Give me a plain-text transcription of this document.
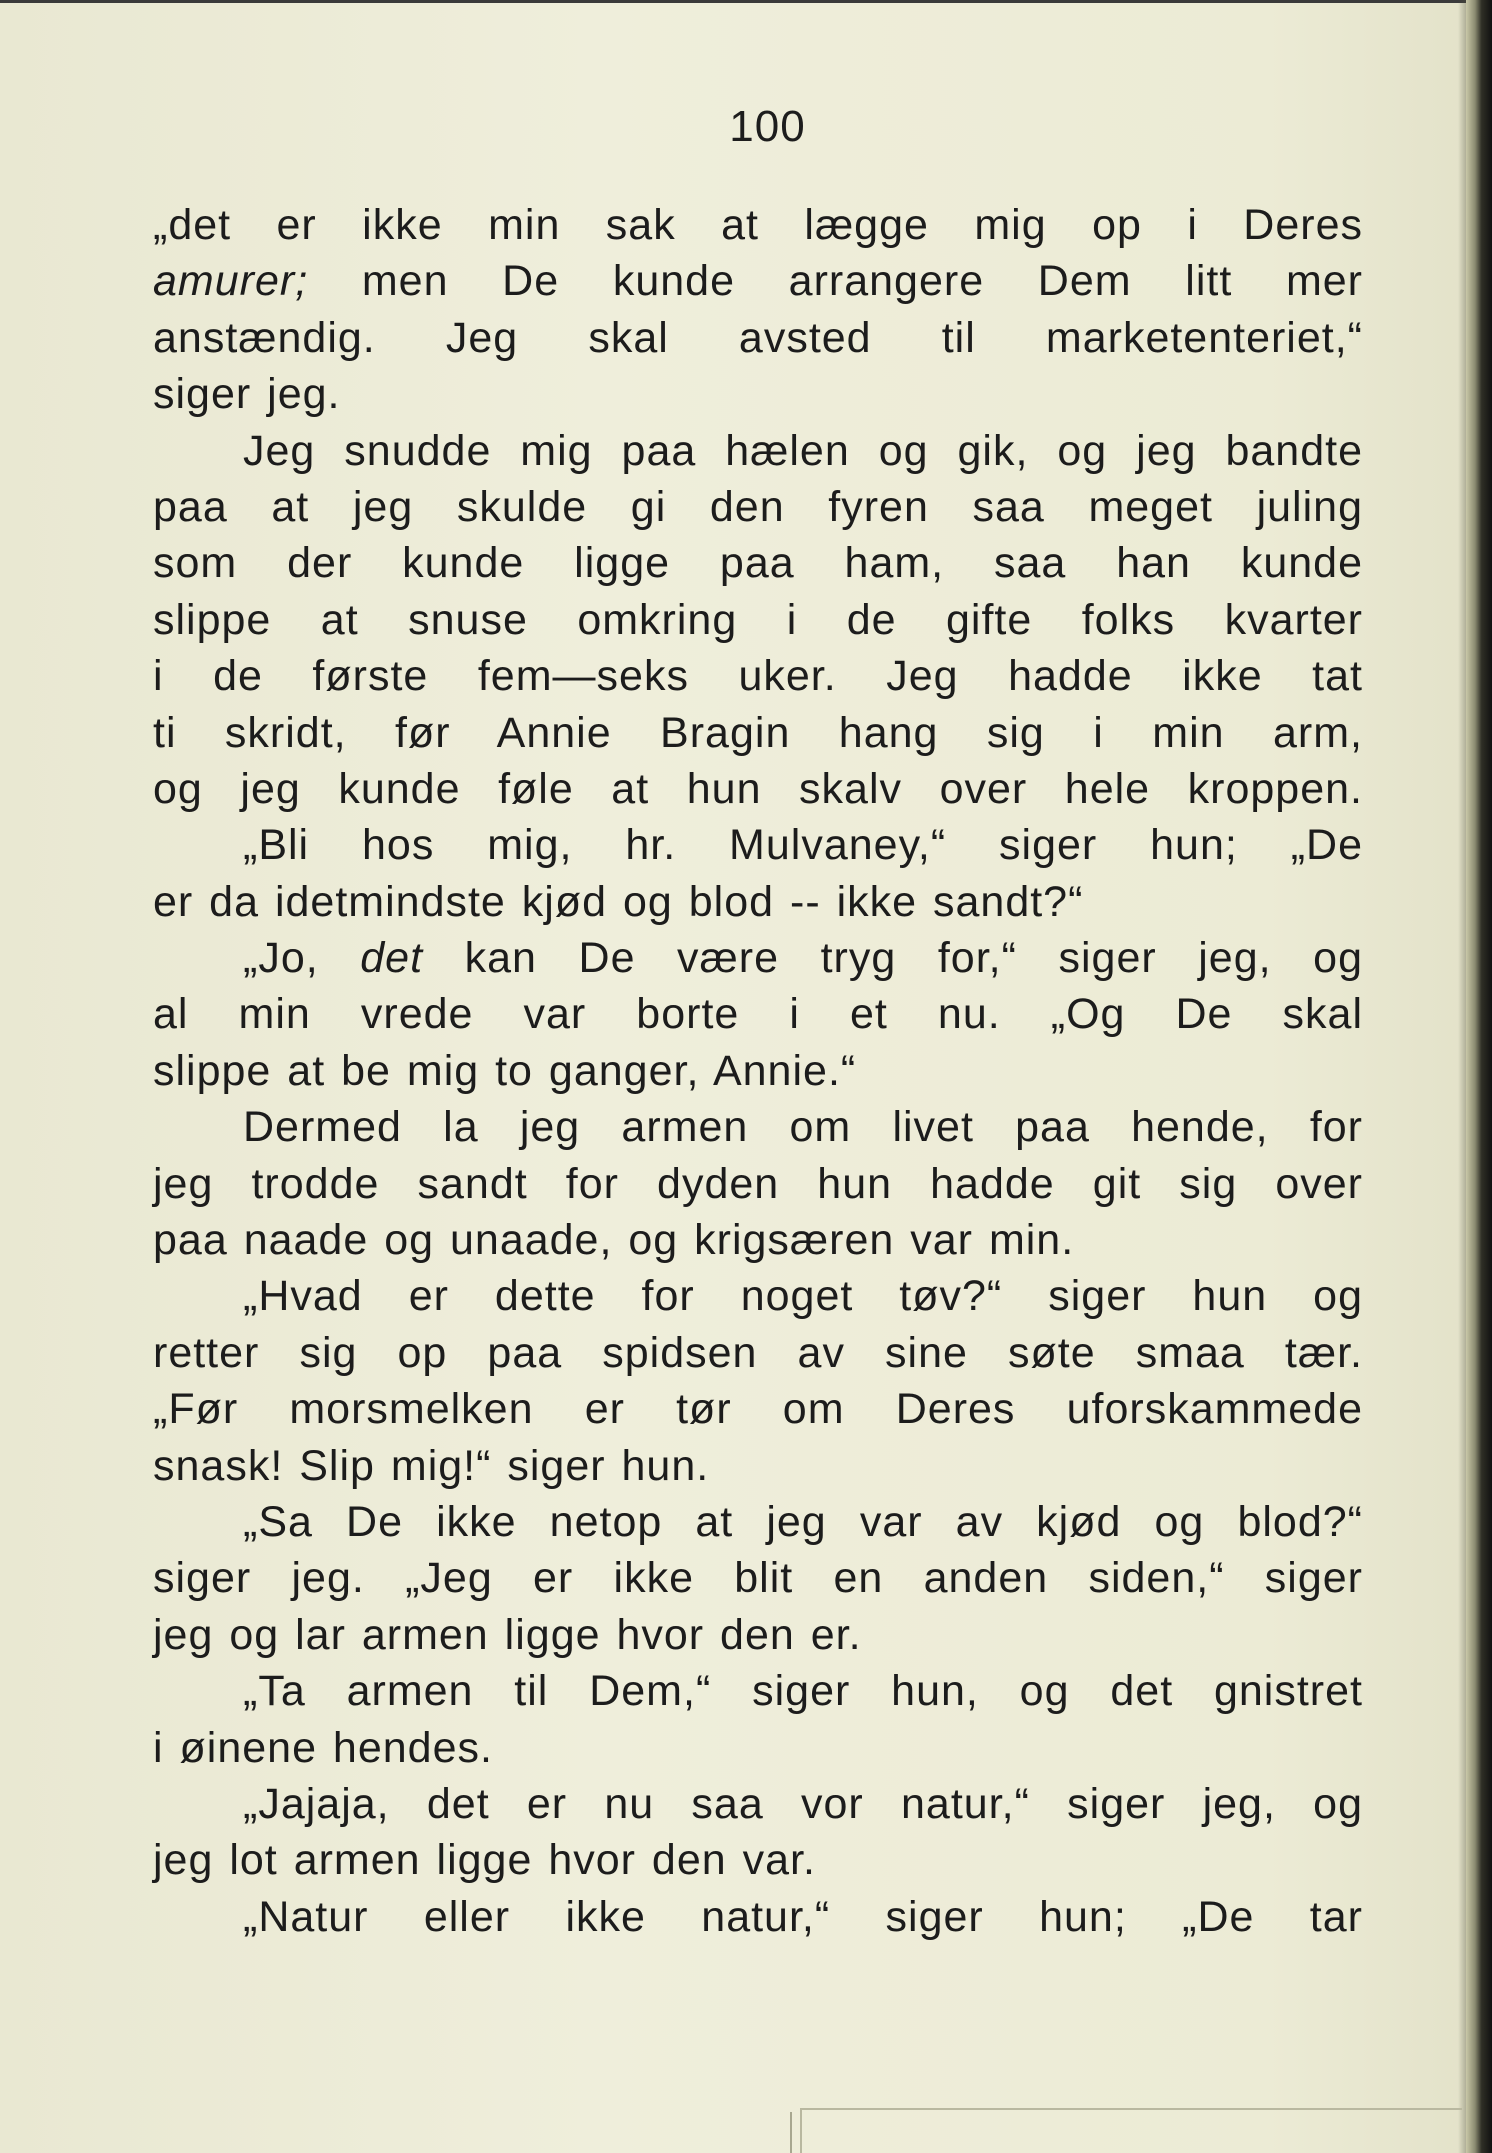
100
„det er ikke min sak at lægge mig op i Deres
amurer; men De kunde arrangere Dem litt mer
anstændig. Jeg skal avsted til marketenteriet,“
siger jeg.
Jeg snudde mig paa hælen og gik, og jeg bandte
paa at jeg skulde gi den fyren saa meget juling
som der kunde ligge paa ham, saa han kunde
slippe at snuse omkring i de gifte folks kvarter
i de første fem—seks uker. Jeg hadde ikke tat
ti skridt, før Annie Bragin hang sig i min arm,
og jeg kunde føle at hun skalv over hele kroppen.
„Bli hos mig, hr. Mulvaney,“ siger hun; „De
er da idetmindste kjød og blod -- ikke sandt?“
„Jo, det kan De være tryg for,“ siger jeg, og
al min vrede var borte i et nu. „Og De skal
slippe at be mig to ganger, Annie.“
Dermed la jeg armen om livet paa hende, for
jeg trodde sandt for dyden hun hadde git sig over
paa naade og unaade, og krigsæren var min.
„Hvad er dette for noget tøv?“ siger hun og
retter sig op paa spidsen av sine søte smaa tær.
„Før morsmelken er tør om Deres uforskammede
snask! Slip mig!“ siger hun.
„Sa De ikke netop at jeg var av kjød og blod?“
siger jeg. „Jeg er ikke blit en anden siden,“ siger
jeg og lar armen ligge hvor den er.
„Ta armen til Dem,“ siger hun, og det gnistret
i øinene hendes.
„Jajaja, det er nu saa vor natur,“ siger jeg, og
jeg lot armen ligge hvor den var.
„Natur eller ikke natur,“ siger hun; „De tar
